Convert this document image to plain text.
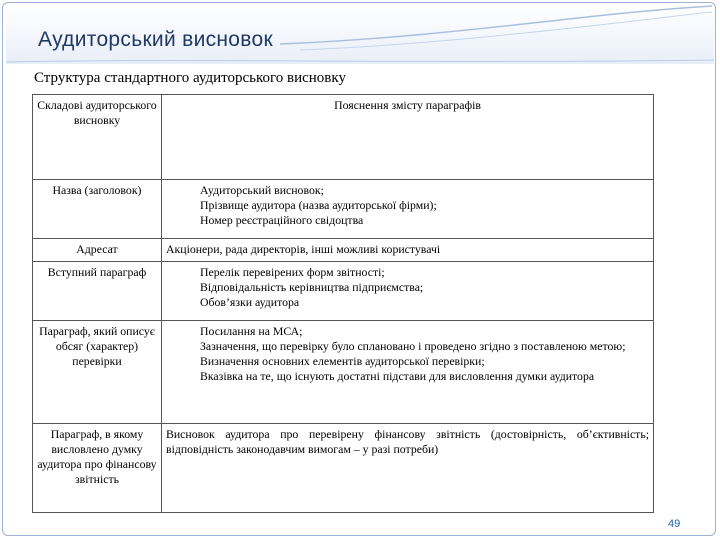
Аудиторський висновок
Структура стандартного аудиторського висновку
Складові аудиторського висновку	Пояснення змісту параграфів
Назва (заголовок)	Аудиторський висновок;
Прізвище аудитора (назва аудиторської фірми);
Номер реєстраційного свідоцтва

Адресат	Акціонери, рада директорів, інші можливі користувачі

Вступний параграф	Перелік перевірених форм звітності;
Відповідальність керівництва підприємства;
Обов’язки аудитора

Параграф, який описує обсяг (характер) перевірки	Посилання на МСА;
Зазначення, що перевірку було сплановано і проведено згідно з поставленою метою;
Визначення основних елементів аудиторської перевірки;
Вказівка на те, що існують достатні підстави для висловлення думки аудитора

Параграф, в якому висловлено думку аудитора про фінансову звітність	Висновок аудитора про перевірену фінансову звітність (достовірність, об’єктивність; відповідність законодавчим вимогам – у разі потреби)
49
